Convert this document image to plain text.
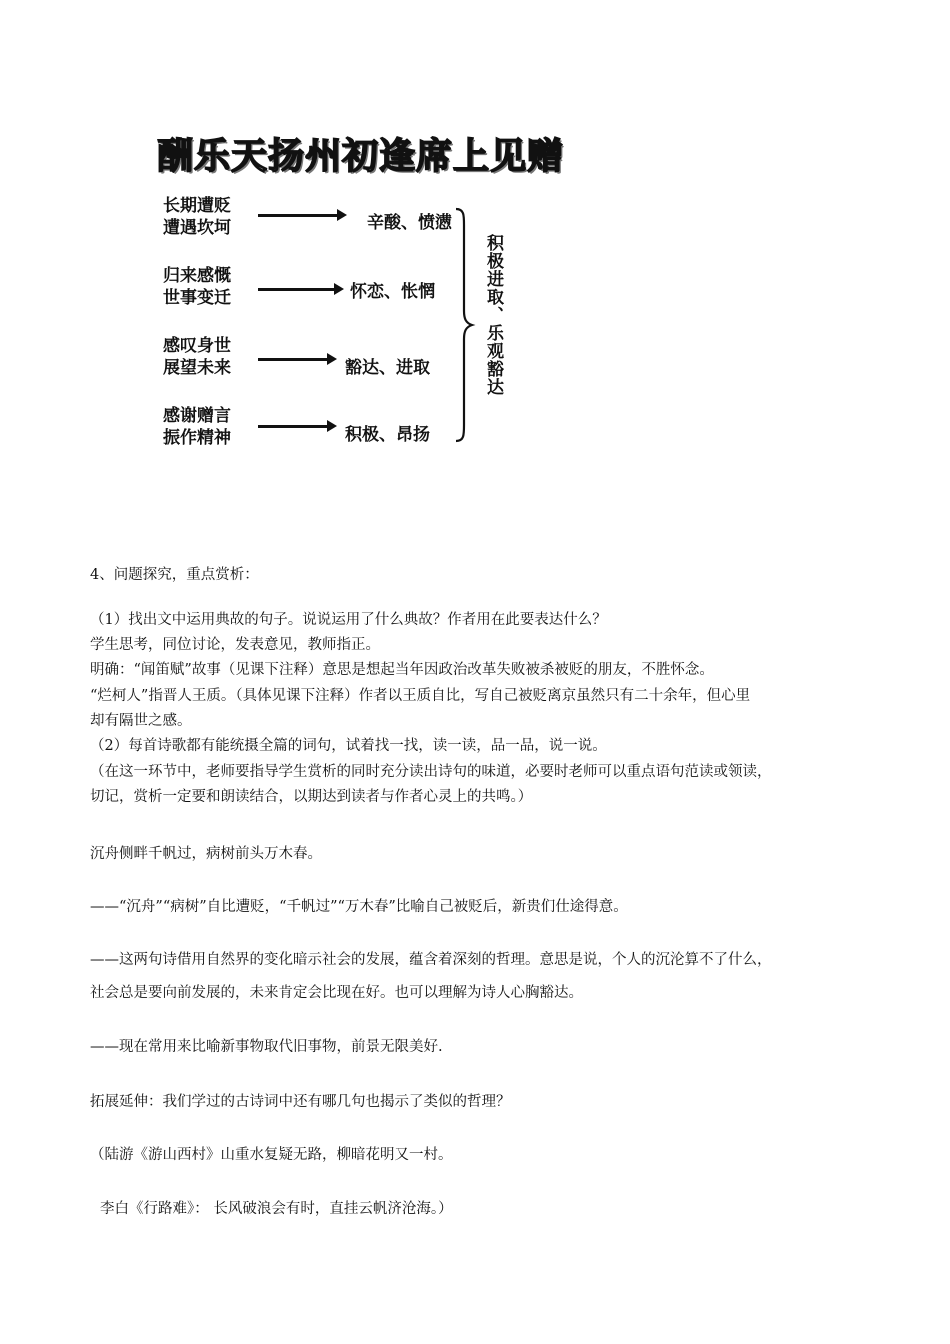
酬乐天扬州初逢席上见赠
长期遭贬
遭遇坎坷	辛酸、愤懑
归来感慨
世事变迁	怀恋、怅惘
感叹身世
展望未来	豁达、进取
感谢赠言
振作精神	积极、昂扬
积极进取、乐观豁达
4、问题探究，重点赏析：
（1）找出文中运用典故的句子。说说运用了什么典故？作者用在此要表达什么？
学生思考，同位讨论，发表意见，教师指正。
明确：“闻笛赋”故事（见课下注释）意思是想起当年因政治改革失败被杀被贬的朋友，不胜怀念。
“烂柯人”指晋人王质。（具体见课下注释）作者以王质自比，写自己被贬离京虽然只有二十余年，但心里
却有隔世之感。
（2）每首诗歌都有能统摄全篇的词句，试着找一找，读一读，品一品，说一说。
（在这一环节中，老师要指导学生赏析的同时充分读出诗句的味道，必要时老师可以重点语句范读或领读，
切记，赏析一定要和朗读结合，以期达到读者与作者心灵上的共鸣。）
沉舟侧畔千帆过，病树前头万木春。
——“沉舟”“病树”自比遭贬，“千帆过”“万木春”比喻自己被贬后，新贵们仕途得意。
——这两句诗借用自然界的变化暗示社会的发展，蕴含着深刻的哲理。意思是说，个人的沉沦算不了什么，
社会总是要向前发展的，未来肯定会比现在好。也可以理解为诗人心胸豁达。
——现在常用来比喻新事物取代旧事物，前景无限美好.
拓展延伸：我们学过的古诗词中还有哪几句也揭示了类似的哲理？
（陆游《游山西村》山重水复疑无路，柳暗花明又一村。
李白《行路难》： 长风破浪会有时，直挂云帆济沧海。）
